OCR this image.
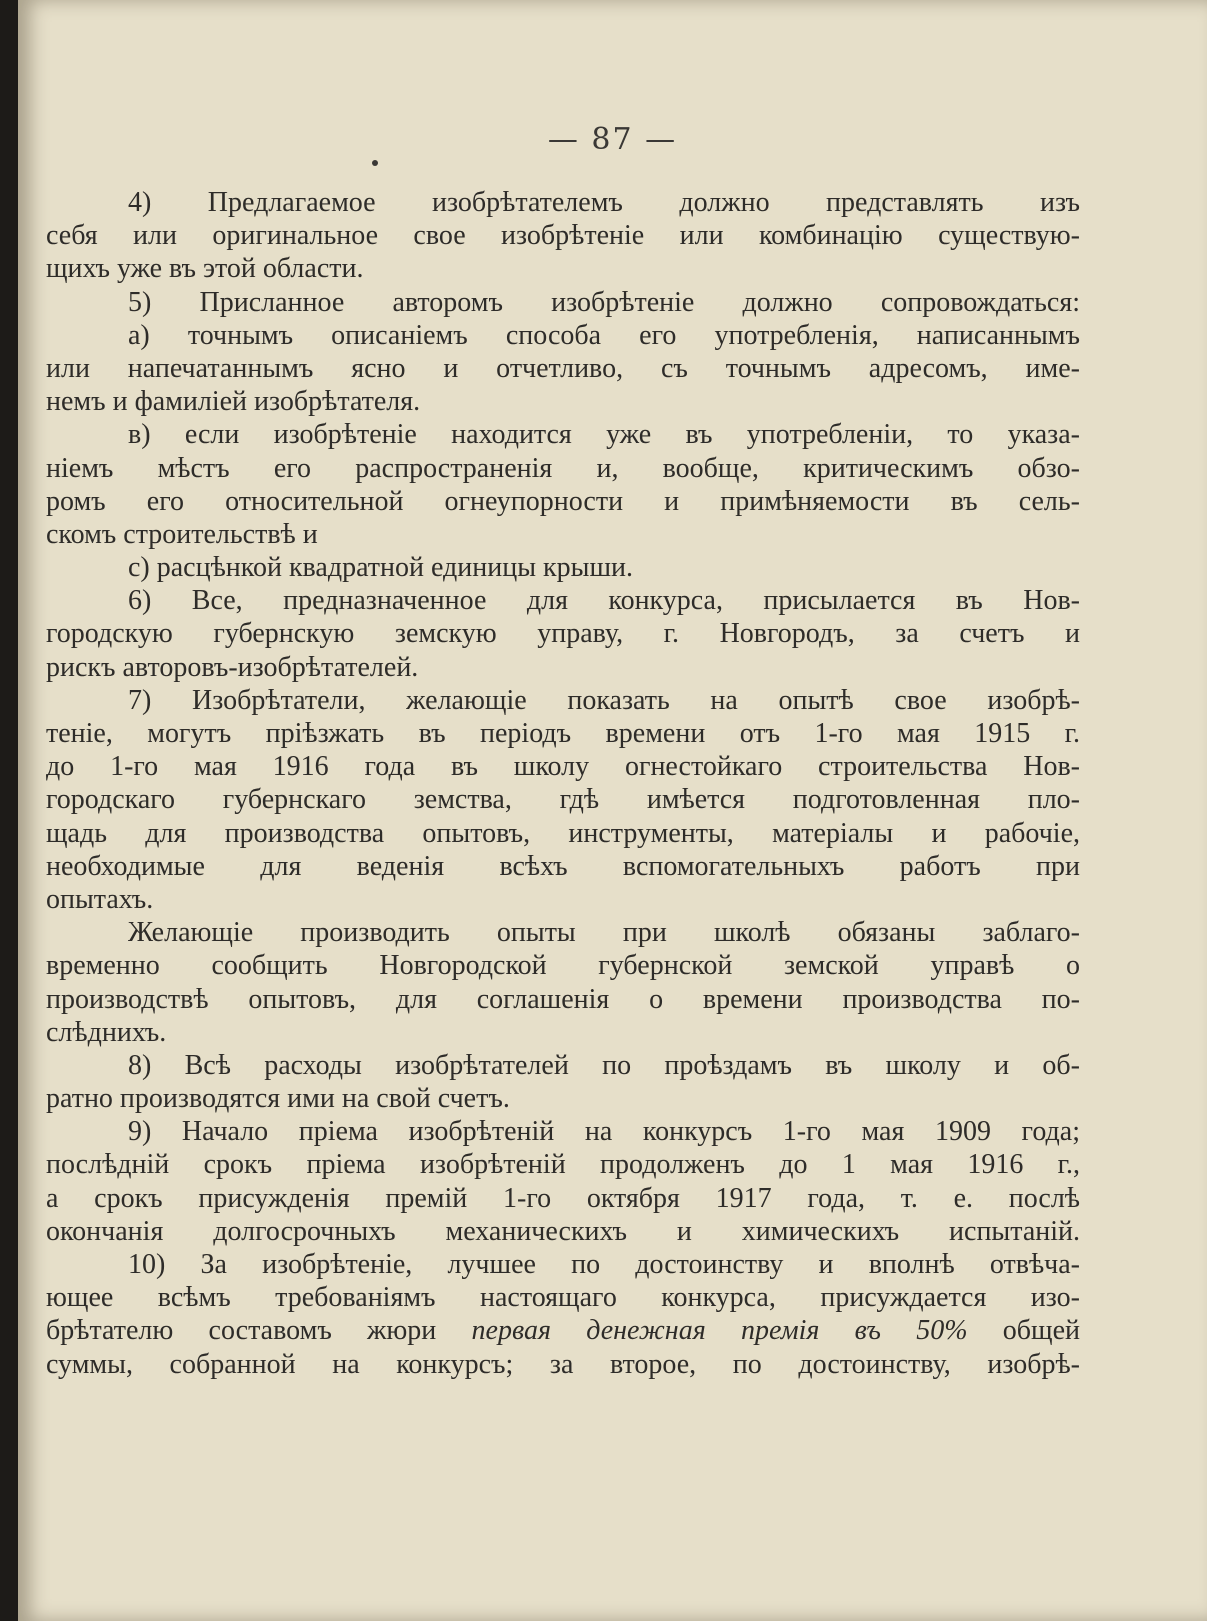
— 87 —
4) Предлагаемое изобрѣтателемъ должно представлять изъ
себя или оригинальное свое изобрѣтеніе или комбинацію существую-
щихъ уже въ этой области.
5) Присланное авторомъ изобрѣтеніе должно сопровождаться:
а) точнымъ описаніемъ способа его употребленія, написаннымъ
или напечатаннымъ ясно и отчетливо, съ точнымъ адресомъ, име-
немъ и фамиліей изобрѣтателя.
в) если изобрѣтеніе находится уже въ употребленіи, то указа-
ніемъ мѣстъ его распространенія и, вообще, критическимъ обзо-
ромъ его относительной огнеупорности и примѣняемости въ сель-
скомъ строительствѣ и
с) расцѣнкой квадратной единицы крыши.
6) Все, предназначенное для конкурса, присылается въ Нов-
городскую губернскую земскую управу, г. Новгородъ, за счетъ и
рискъ авторовъ-изобрѣтателей.
7) Изобрѣтатели, желающіе показать на опытѣ свое изобрѣ-
теніе, могутъ пріѣзжать въ періодъ времени отъ 1-го мая 1915 г.
до 1-го мая 1916 года въ школу огнестойкаго строительства Нов-
городскаго губернскаго земства, гдѣ имѣется подготовленная пло-
щадь для производства опытовъ, инструменты, матеріалы и рабочіе,
необходимые для веденія всѣхъ вспомогательныхъ работъ при
опытахъ.
Желающіе производить опыты при школѣ обязаны заблаго-
временно сообщить Новгородской губернской земской управѣ о
производствѣ опытовъ, для соглашенія о времени производства по-
слѣднихъ.
8) Всѣ расходы изобрѣтателей по проѣздамъ въ школу и об-
ратно производятся ими на свой счетъ.
9) Начало пріема изобрѣтеній на конкурсъ 1-го мая 1909 года;
послѣдній срокъ пріема изобрѣтеній продолженъ до 1 мая 1916 г.,
а срокъ присужденія премій 1-го октября 1917 года, т. е. послѣ
окончанія долгосрочныхъ механическихъ и химическихъ испытаній.
10) За изобрѣтеніе, лучшее по достоинству и вполнѣ отвѣча-
ющее всѣмъ требованіямъ настоящаго конкурса, присуждается изо-
брѣтателю составомъ жюри первая денежная премія въ 50% общей
суммы, собранной на конкурсъ; за второе, по достоинству, изобрѣ-
